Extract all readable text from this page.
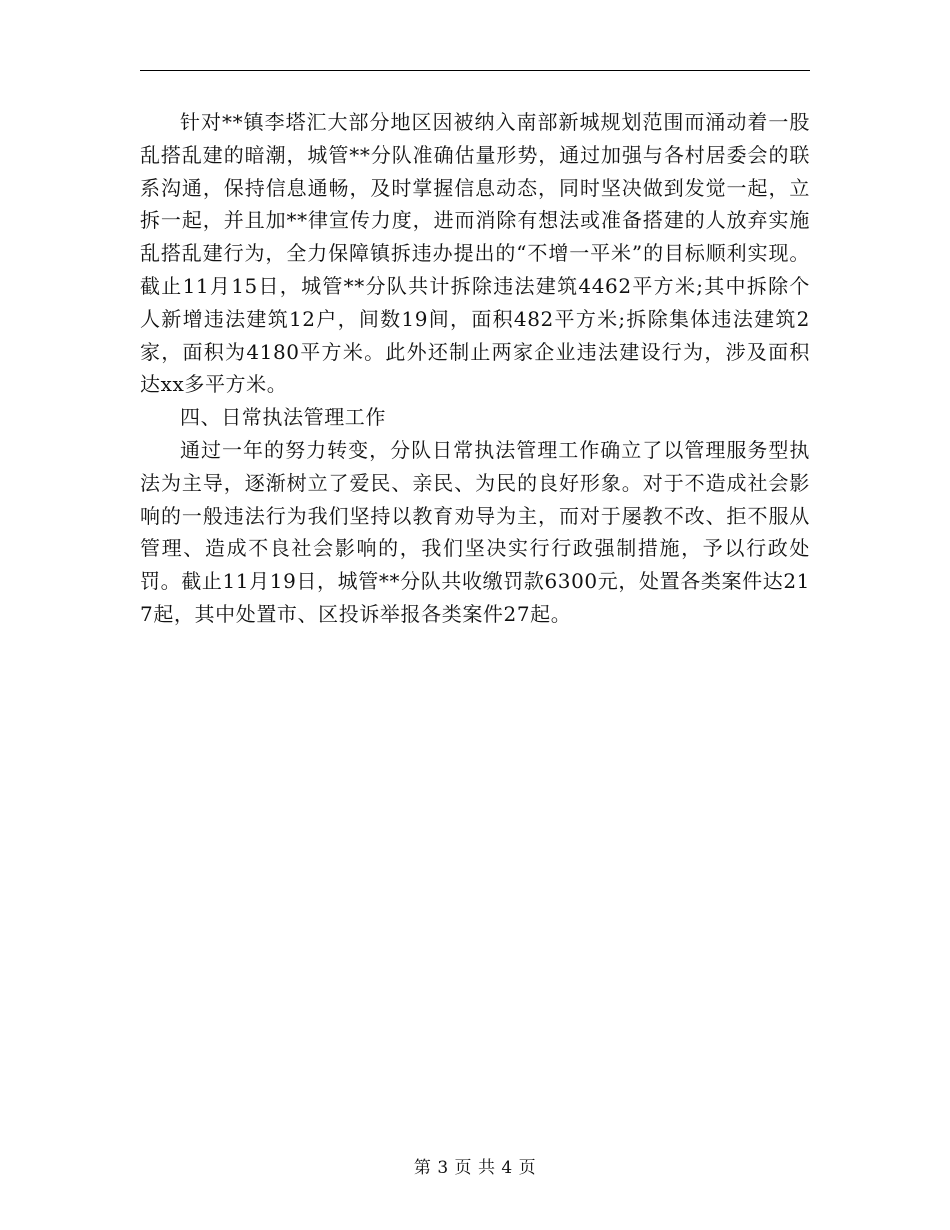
针对**镇李塔汇大部分地区因被纳入南部新城规划范围而涌动着一股乱搭乱建的暗潮，城管**分队准确估量形势，通过加强与各村居委会的联系沟通，保持信息通畅，及时掌握信息动态，同时坚决做到发觉一起，立拆一起，并且加**律宣传力度，进而消除有想法或准备搭建的人放弃实施乱搭乱建行为，全力保障镇拆违办提出的“不增一平米”的目标顺利实现。截止11月15日，城管**分队共计拆除违法建筑4462平方米;其中拆除个人新增违法建筑12户，间数19间，面积482平方米;拆除集体违法建筑2家，面积为4180平方米。此外还制止两家企业违法建设行为，涉及面积达xx多平方米。

四、日常执法管理工作

通过一年的努力转变，分队日常执法管理工作确立了以管理服务型执法为主导，逐渐树立了爱民、亲民、为民的良好形象。对于不造成社会影响的一般违法行为我们坚持以教育劝导为主，而对于屡教不改、拒不服从管理、造成不良社会影响的，我们坚决实行行政强制措施，予以行政处罚。截止11月19日，城管**分队共收缴罚款6300元，处置各类案件达217起，其中处置市、区投诉举报各类案件27起。

第 3 页 共 4 页
